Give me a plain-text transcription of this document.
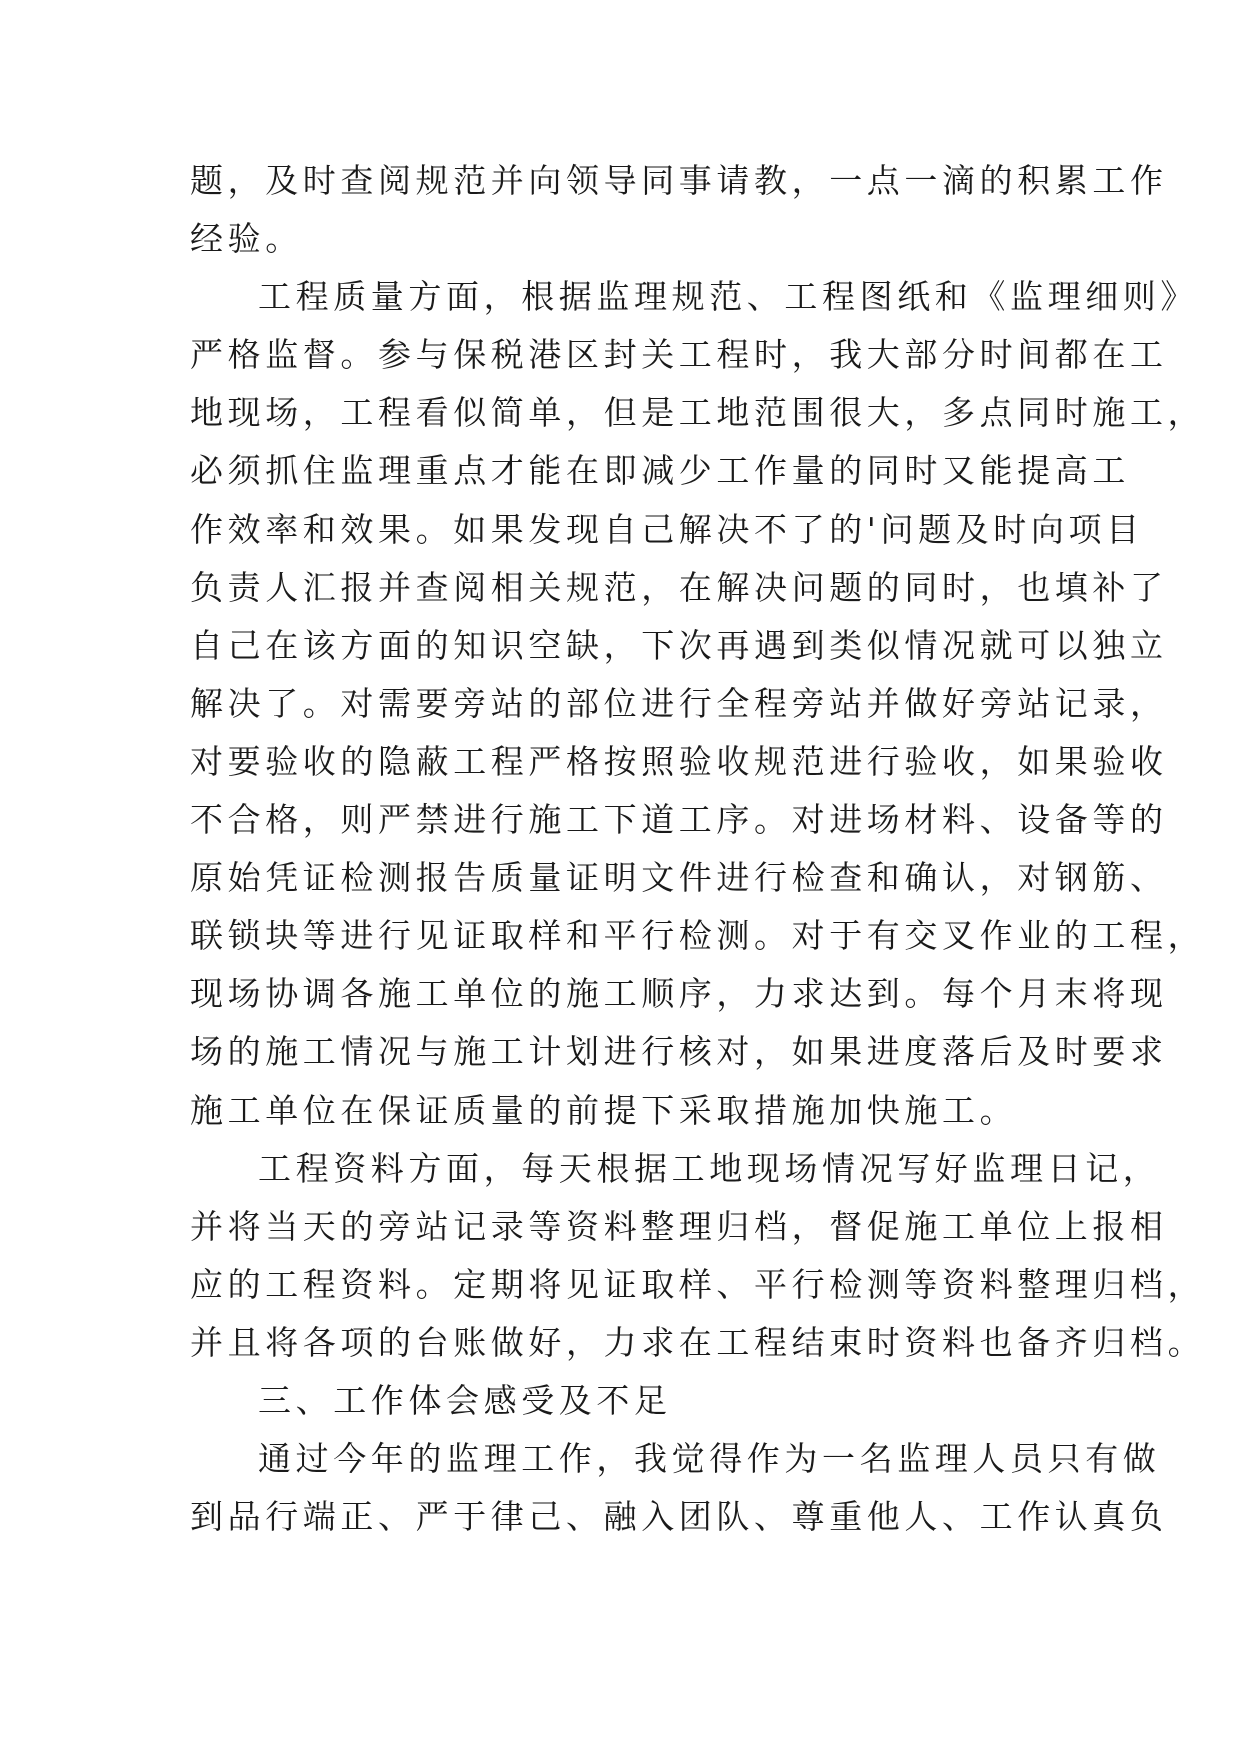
题，及时查阅规范并向领导同事请教，一点一滴的积累工作
经验。
工程质量方面，根据监理规范、工程图纸和《监理细则》
严格监督。参与保税港区封关工程时，我大部分时间都在工
地现场，工程看似简单，但是工地范围很大，多点同时施工，
必须抓住监理重点才能在即减少工作量的同时又能提高工
作效率和效果。如果发现自己解决不了的'问题及时向项目
负责人汇报并查阅相关规范，在解决问题的同时，也填补了
自己在该方面的知识空缺，下次再遇到类似情况就可以独立
解决了。对需要旁站的部位进行全程旁站并做好旁站记录，
对要验收的隐蔽工程严格按照验收规范进行验收，如果验收
不合格，则严禁进行施工下道工序。对进场材料、设备等的
原始凭证检测报告质量证明文件进行检查和确认，对钢筋、
联锁块等进行见证取样和平行检测。对于有交叉作业的工程，
现场协调各施工单位的施工顺序，力求达到。每个月末将现
场的施工情况与施工计划进行核对，如果进度落后及时要求
施工单位在保证质量的前提下采取措施加快施工。
工程资料方面，每天根据工地现场情况写好监理日记，
并将当天的旁站记录等资料整理归档，督促施工单位上报相
应的工程资料。定期将见证取样、平行检测等资料整理归档，
并且将各项的台账做好，力求在工程结束时资料也备齐归档。
三、工作体会感受及不足
通过今年的监理工作，我觉得作为一名监理人员只有做
到品行端正、严于律己、融入团队、尊重他人、工作认真负
